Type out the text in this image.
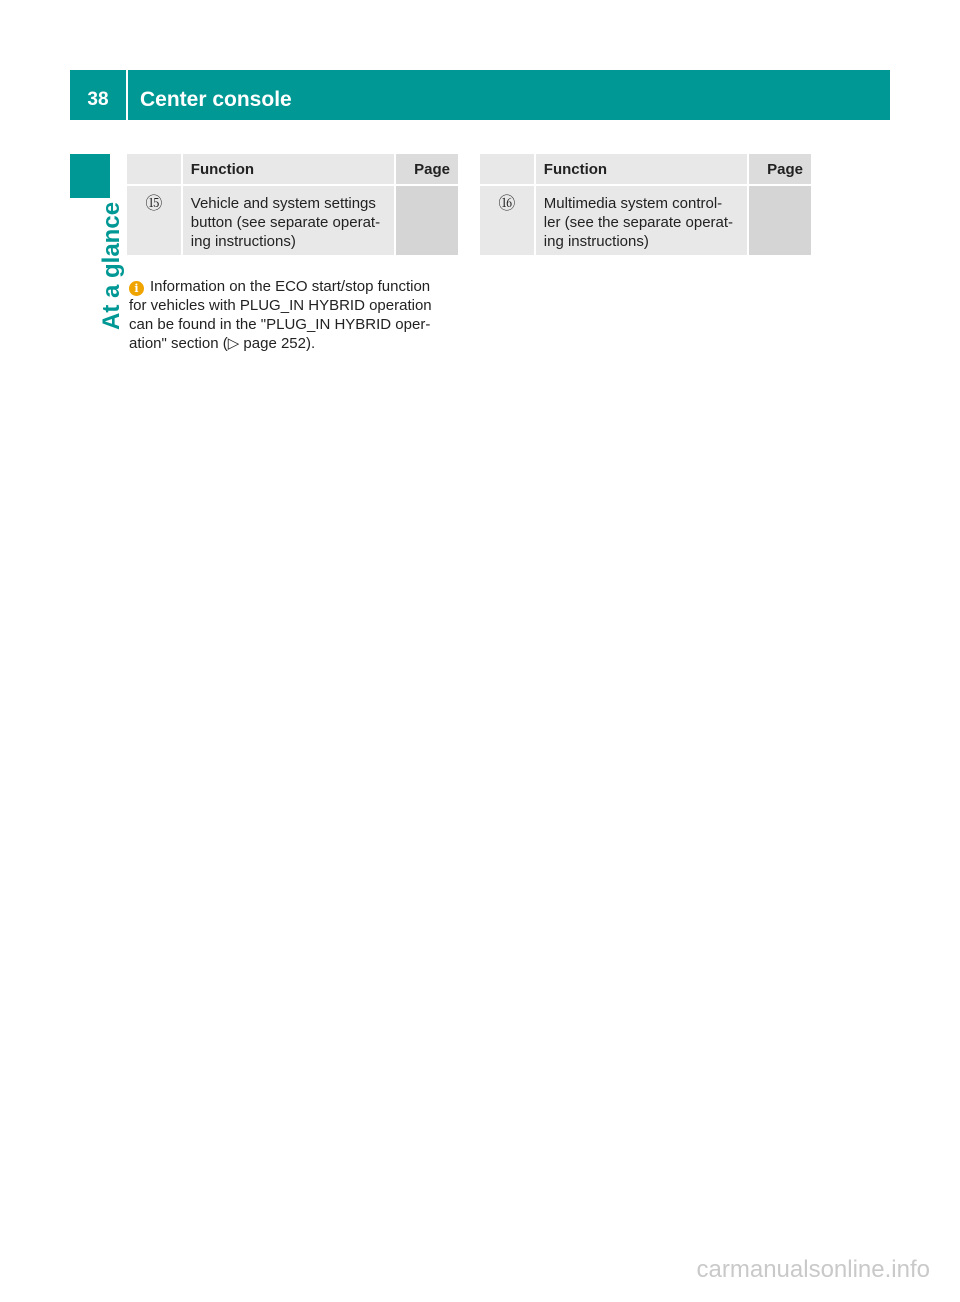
38	Center console
At a glance
	Function	Page
⑮	Vehicle and system settings
button (see separate operat-
ing instructions)	

	Function	Page
⑯	Multimedia system control-
ler (see the separate operat-
ing instructions)	

i Information on the ECO start/stop function
for vehicles with PLUG_IN HYBRID operation
can be found in the "PLUG_IN HYBRID oper-
ation" section (▷ page 252).
carmanualsonline.info
